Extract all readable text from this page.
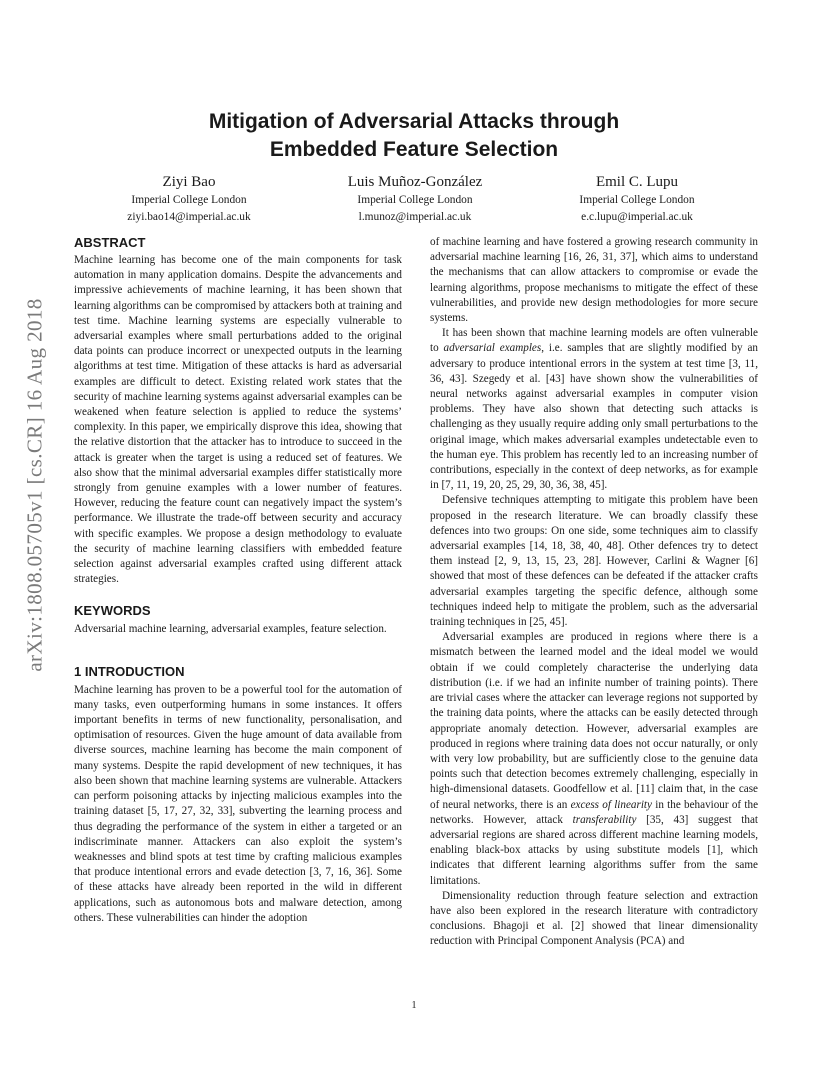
Mitigation of Adversarial Attacks through
Embedded Feature Selection
Ziyi Bao
Imperial College London
ziyi.bao14@imperial.ac.uk
Luis Muñoz-González
Imperial College London
l.munoz@imperial.ac.uk
Emil C. Lupu
Imperial College London
e.c.lupu@imperial.ac.uk
arXiv:1808.05705v1 [cs.CR] 16 Aug 2018
ABSTRACT

Machine learning has become one of the main components for task automation in many application domains. Despite the advancements and impressive achievements of machine learning, it has been shown that learning algorithms can be compromised by attackers both at training and test time. Machine learning systems are especially vulnerable to adversarial examples where small perturbations added to the original data points can produce incorrect or unexpected outputs in the learning algorithms at test time. Mitigation of these attacks is hard as adversarial examples are difficult to detect. Existing related work states that the security of machine learning systems against adversarial examples can be weakened when feature selection is applied to reduce the systems’ complexity. In this paper, we empirically disprove this idea, showing that the relative distortion that the attacker has to introduce to succeed in the attack is greater when the target is using a reduced set of features. We also show that the minimal adversarial examples differ statistically more strongly from genuine examples with a lower number of features. However, reducing the feature count can negatively impact the system’s performance. We illustrate the trade-off between security and accuracy with specific examples. We propose a design methodology to evaluate the security of machine learning classifiers with embedded feature selection against adversarial examples crafted using different attack strategies.

KEYWORDS

Adversarial machine learning, adversarial examples, feature selection.

1 INTRODUCTION

Machine learning has proven to be a powerful tool for the automation of many tasks, even outperforming humans in some instances. It offers important benefits in terms of new functionality, personalisation, and optimisation of resources. Given the huge amount of data available from diverse sources, machine learning has become the main component of many systems. Despite the rapid development of new techniques, it has also been shown that machine learning systems are vulnerable. Attackers can perform poisoning attacks by injecting malicious examples into the training dataset [5, 17, 27, 32, 33], subverting the learning process and thus degrading the performance of the system in either a targeted or an indiscriminate manner. Attackers can also exploit the system’s weaknesses and blind spots at test time by crafting malicious examples that produce intentional errors and evade detection [3, 7, 16, 36]. Some of these attacks have already been reported in the wild in different applications, such as autonomous bots and malware detection, among others. These vulnerabilities can hinder the adoption

of machine learning and have fostered a growing research community in adversarial machine learning [16, 26, 31, 37], which aims to understand the mechanisms that can allow attackers to compromise or evade the learning algorithms, propose mechanisms to mitigate the effect of these vulnerabilities, and provide new design methodologies for more secure systems.

It has been shown that machine learning models are often vulnerable to adversarial examples, i.e. samples that are slightly modified by an adversary to produce intentional errors in the system at test time [3, 11, 36, 43]. Szegedy et al. [43] have shown show the vulnerabilities of neural networks against adversarial examples in computer vision problems. They have also shown that detecting such attacks is challenging as they usually require adding only small perturbations to the original image, which makes adversarial examples undetectable even to the human eye. This problem has recently led to an increasing number of contributions, especially in the context of deep networks, as for example in [7, 11, 19, 20, 25, 29, 30, 36, 38, 45].

Defensive techniques attempting to mitigate this problem have been proposed in the research literature. We can broadly classify these defences into two groups: On one side, some techniques aim to classify adversarial examples [14, 18, 38, 40, 48]. Other defences try to detect them instead [2, 9, 13, 15, 23, 28]. However, Carlini & Wagner [6] showed that most of these defences can be defeated if the attacker crafts adversarial examples targeting the specific defence, although some techniques indeed help to mitigate the problem, such as the adversarial training techniques in [25, 45].

Adversarial examples are produced in regions where there is a mismatch between the learned model and the ideal model we would obtain if we could completely characterise the underlying data distribution (i.e. if we had an infinite number of training points). There are trivial cases where the attacker can leverage regions not supported by the training data points, where the attacks can be easily detected through appropriate anomaly detection. However, adversarial examples are produced in regions where training data does not occur naturally, or only with very low probability, but are sufficiently close to the genuine data points such that detection becomes extremely challenging, especially in high-dimensional datasets. Goodfellow et al. [11] claim that, in the case of neural networks, there is an excess of linearity in the behaviour of the networks. However, attack transferability [35, 43] suggest that adversarial regions are shared across different machine learning models, enabling black-box attacks by using substitute models [1], which indicates that different learning algorithms suffer from the same limitations.

Dimensionality reduction through feature selection and extraction have also been explored in the research literature with contradictory conclusions. Bhagoji et al. [2] showed that linear dimensionality reduction with Principal Component Analysis (PCA) and

1
